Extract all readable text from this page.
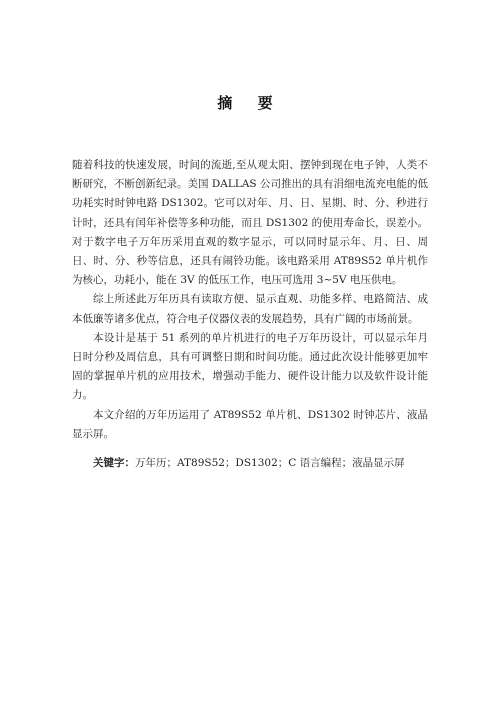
摘 要

随着科技的快速发展，时间的流逝,至从观太阳、摆钟到现在电子钟，人类不断研究，不断创新纪录。美国 DALLAS 公司推出的具有涓细电流充电能的低功耗实时时钟电路 DS1302。它可以对年、月、日、星期、时、分、秒进行计时，还具有闰年补偿等多种功能，而且 DS1302 的使用寿命长，误差小。对于数字电子万年历采用直观的数字显示，可以同时显示年、月、日、周日、时、分、秒等信息，还具有闹铃功能。该电路采用 AT89S52 单片机作为核心，功耗小，能在 3V 的低压工作，电压可选用 3~5V 电压供电。

综上所述此万年历具有读取方便、显示直观、功能多样、电路简洁、成本低廉等诸多优点，符合电子仪器仪表的发展趋势，具有广阔的市场前景。

本设计是基于 51 系列的单片机进行的电子万年历设计，可以显示年月日时分秒及周信息，具有可调整日期和时间功能。通过此次设计能够更加牢固的掌握单片机的应用技术，增强动手能力、硬件设计能力以及软件设计能力。

本文介绍的万年历运用了 AT89S52 单片机、DS1302 时钟芯片、液晶显示屏。

关键字：万年历；AT89S52；DS1302；C 语言编程；液晶显示屏
